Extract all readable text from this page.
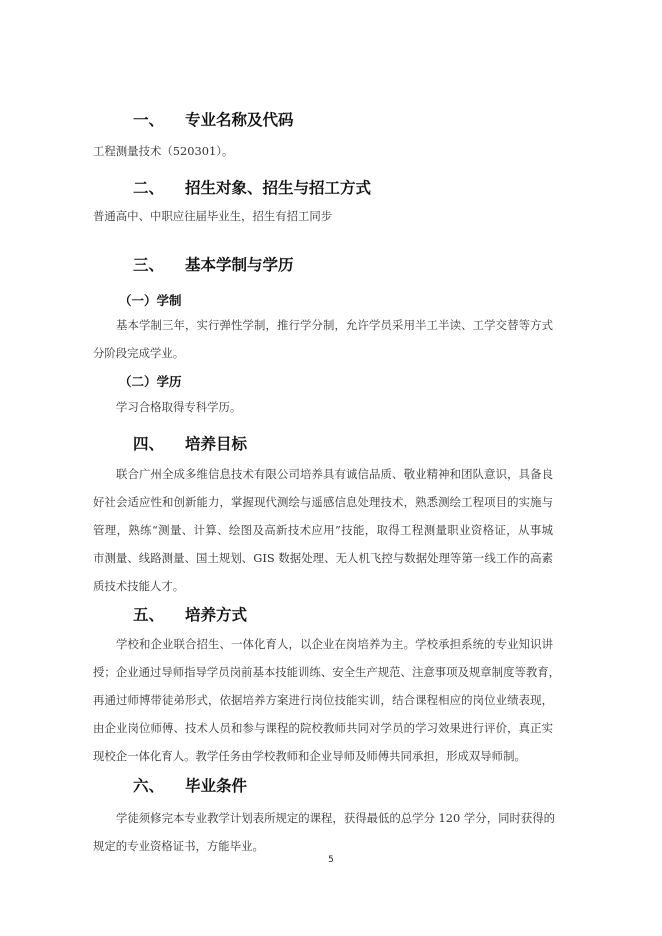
一、 专业名称及代码
工程测量技术（520301）。
二、 招生对象、招生与招工方式
普通高中、中职应往届毕业生，招生有招工同步
三、 基本学制与学历
（一）学制
基本学制三年，实行弹性学制，推行学分制，允许学员采用半工半读、工学交替等方式
分阶段完成学业。
（二）学历
学习合格取得专科学历。
四、 培养目标
联合广州全成多维信息技术有限公司培养具有诚信品质、敬业精神和团队意识，具备良
好社会适应性和创新能力，掌握现代测绘与遥感信息处理技术，熟悉测绘工程项目的实施与
管理，熟练“测量、计算、绘图及高新技术应用”技能，取得工程测量职业资格证，从事城
市测量、线路测量、国土规划、GIS 数据处理、无人机飞控与数据处理等第一线工作的高素
质技术技能人才。
五、 培养方式
学校和企业联合招生、一体化育人，以企业在岗培养为主。学校承担系统的专业知识讲
授；企业通过导师指导学员岗前基本技能训练、安全生产规范、注意事项及规章制度等教育，
再通过师博带徒弟形式，依据培养方案进行岗位技能实训，结合课程相应的岗位业绩表现，
由企业岗位师傅、技术人员和参与课程的院校教师共同对学员的学习效果进行评价，真正实
现校企一体化育人。教学任务由学校教师和企业导师及师傅共同承担，形成双导师制。
六、 毕业条件
学徒须修完本专业教学计划表所规定的课程，获得最低的总学分 120 学分，同时获得的
规定的专业资格证书，方能毕业。
5
